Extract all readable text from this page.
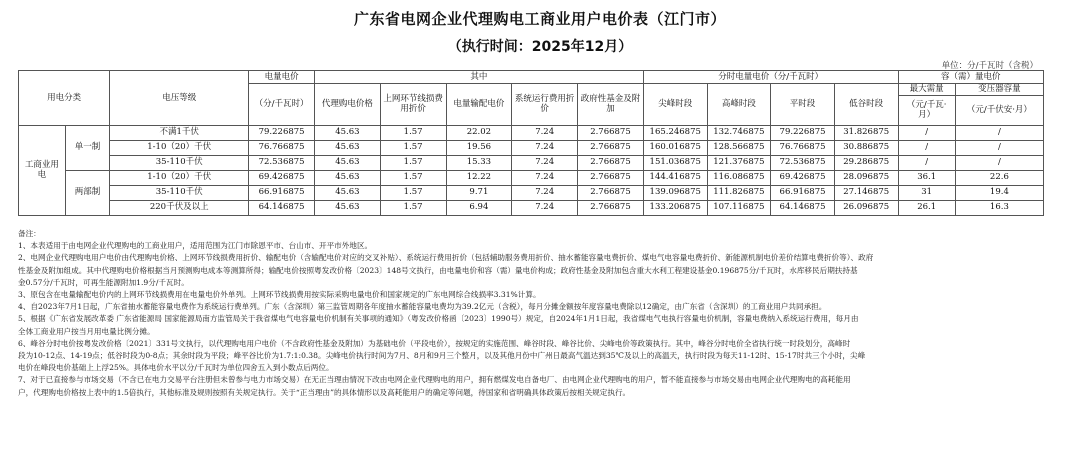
广东省电网企业代理购电工商业用户电价表（江门市）
（执行时间：2025年12月）
单位：分/千瓦时（含税）
用电分类		电压等级	电量电价	其中					分时电量电价（分/千瓦时）				容（需）量电价	
			（分/千瓦时）	代理购电价格	上网环节线损费用折价	电量输配电价	系统运行费用折价	政府性基金及附加	尖峰时段	高峰时段	平时段	低谷时段	最大需量	变压器容量
													（元/千瓦·月）	（元/千伏安·月）
工商业用电	单一制	不满1千伏	79.226875	45.63	1.57	22.02	7.24	2.766875	165.246875	132.746875	79.226875	31.826875	/	/
		1-10（20）千伏	76.766875	45.63	1.57	19.56	7.24	2.766875	160.016875	128.566875	76.766875	30.886875	/	/
		35-110千伏	72.536875	45.63	1.57	15.33	7.24	2.766875	151.036875	121.376875	72.536875	29.286875	/	/
	两部制	1-10（20）千伏	69.426875	45.63	1.57	12.22	7.24	2.766875	144.416875	116.086875	69.426875	28.096875	36.1	22.6
		35-110千伏	66.916875	45.63	1.57	9.71	7.24	2.766875	139.096875	111.826875	66.916875	27.146875	31	19.4
		220千伏及以上	64.146875	45.63	1.57	6.94	7.24	2.766875	133.206875	107.116875	64.146875	26.096875	26.1	16.3

备注：

1、本表适用于由电网企业代理购电的工商业用户，适用范围为江门市除恩平市、台山市、开平市外地区。

2、电网企业代理购电用户电价由代理购电价格、上网环节线损费用折价、输配电价（含输配电价对应的交叉补贴）、系统运行费用折价（包括辅助服务费用折价、抽水蓄能容量电费折价、煤电气电容量电费折价、新能源机制电价差价结算电费折价等）、政府

性基金及附加组成。其中代理购电价格根据当月预测购电成本等测算所得；输配电价按照粤发改价格〔2023〕148号文执行，由电量电价和容（需）量电价构成；政府性基金及附加包含重大水利工程建设基金0.196875分/千瓦时，水库移民后期扶持基

金0.57分/千瓦时，可再生能源附加1.9分/千瓦时。

3、原包含在电量输配电价内的上网环节线损费用在电量电价外单列。上网环节线损费用按实际采购电量电价和国家规定的广东电网综合线损率3.31%计算。

4、自2023年7月1日起，广东省抽水蓄能容量电费作为系统运行费单列。广东（含深圳）第三监管周期各年度抽水蓄能容量电费均为39.2亿元（含税），每月分摊金额按年度容量电费除以12确定，由广东省（含深圳）的工商业用户共同承担。

5、根据《广东省发展改革委 广东省能源局 国家能源局南方监管局关于我省煤电气电容量电价机制有关事项的通知》（粤发改价格函〔2023〕1990号）规定，自2024年1月1日起，我省煤电气电执行容量电价机制，容量电费纳入系统运行费用，每月由

全体工商业用户按当月用电量比例分摊。

6、峰谷分时电价按粤发改价格〔2021〕331号文执行，以代理购电用户电价（不含政府性基金及附加）为基础电价（平段电价），按规定的实施范围、峰谷时段、峰谷比价、尖峰电价等政策执行。其中，峰谷分时电价全省执行统一时段划分，高峰时

段为10-12点、14-19点；低谷时段为0-8点；其余时段为平段；峰平谷比价为1.7:1:0.38。尖峰电价执行时间为7月、8月和9月三个整月，以及其他月份中广州日最高气温达到35℃及以上的高温天，执行时段为每天11-12时、15-17时共三个小时，尖峰

电价在峰段电价基础上上浮25%。具体电价水平以分/千瓦时为单位四舍五入到小数点后两位。

7、对于已直接参与市场交易（不含已在电力交易平台注册但未曾参与电力市场交易）在无正当理由情况下改由电网企业代理购电的用户，拥有燃煤发电自备电厂、由电网企业代理购电的用户，暂不能直接参与市场交易由电网企业代理购电的高耗能用

户，代理购电价格按上表中的1.5倍执行，其他标准及规则按照有关规定执行。关于“正当理由”的具体情形以及高耗能用户的确定等问题，待国家和省明确具体政策后按相关规定执行。
